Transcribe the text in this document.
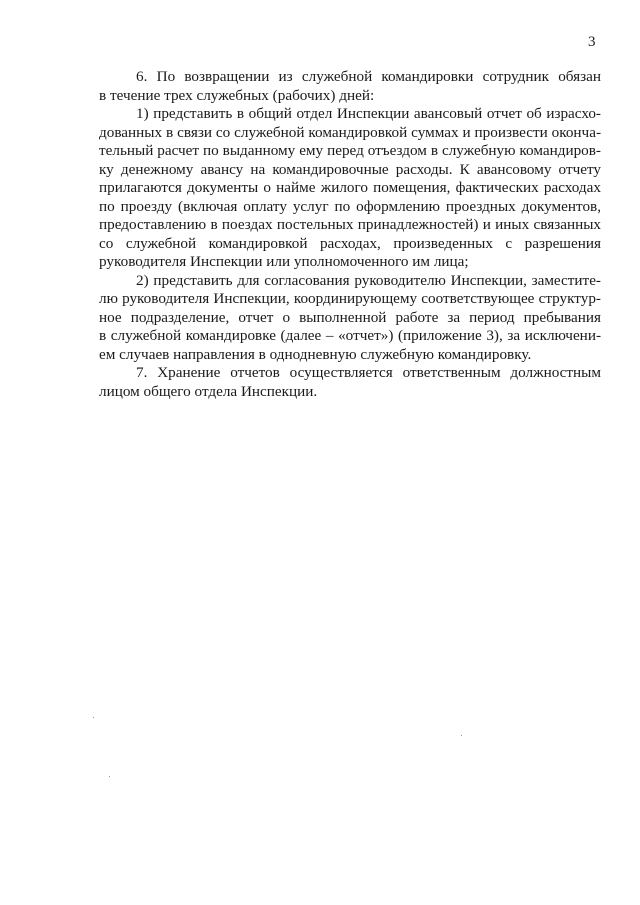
3
6. По возвращении из служебной командировки сотрудник обязан
в течение трех служебных (рабочих) дней:
1) представить в общий отдел Инспекции авансовый отчет об израсхо-
дованных в связи со служебной командировкой суммах и произвести оконча-
тельный расчет по выданному ему перед отъездом в служебную командиров-
ку денежному авансу на командировочные расходы. К авансовому отчету
прилагаются документы о найме жилого помещения, фактических расходах
по проезду (включая оплату услуг по оформлению проездных документов,
предоставлению в поездах постельных принадлежностей) и иных связанных
со служебной командировкой расходах, произведенных с разрешения
руководителя Инспекции или уполномоченного им лица;
2) представить для согласования руководителю Инспекции, заместите-
лю руководителя Инспекции, координирующему соответствующее структур-
ное подразделение, отчет о выполненной работе за период пребывания
в служебной командировке (далее – «отчет») (приложение 3), за исключени-
ем случаев направления в однодневную служебную командировку.
7. Хранение отчетов осуществляется ответственным должностным
лицом общего отдела Инспекции.
